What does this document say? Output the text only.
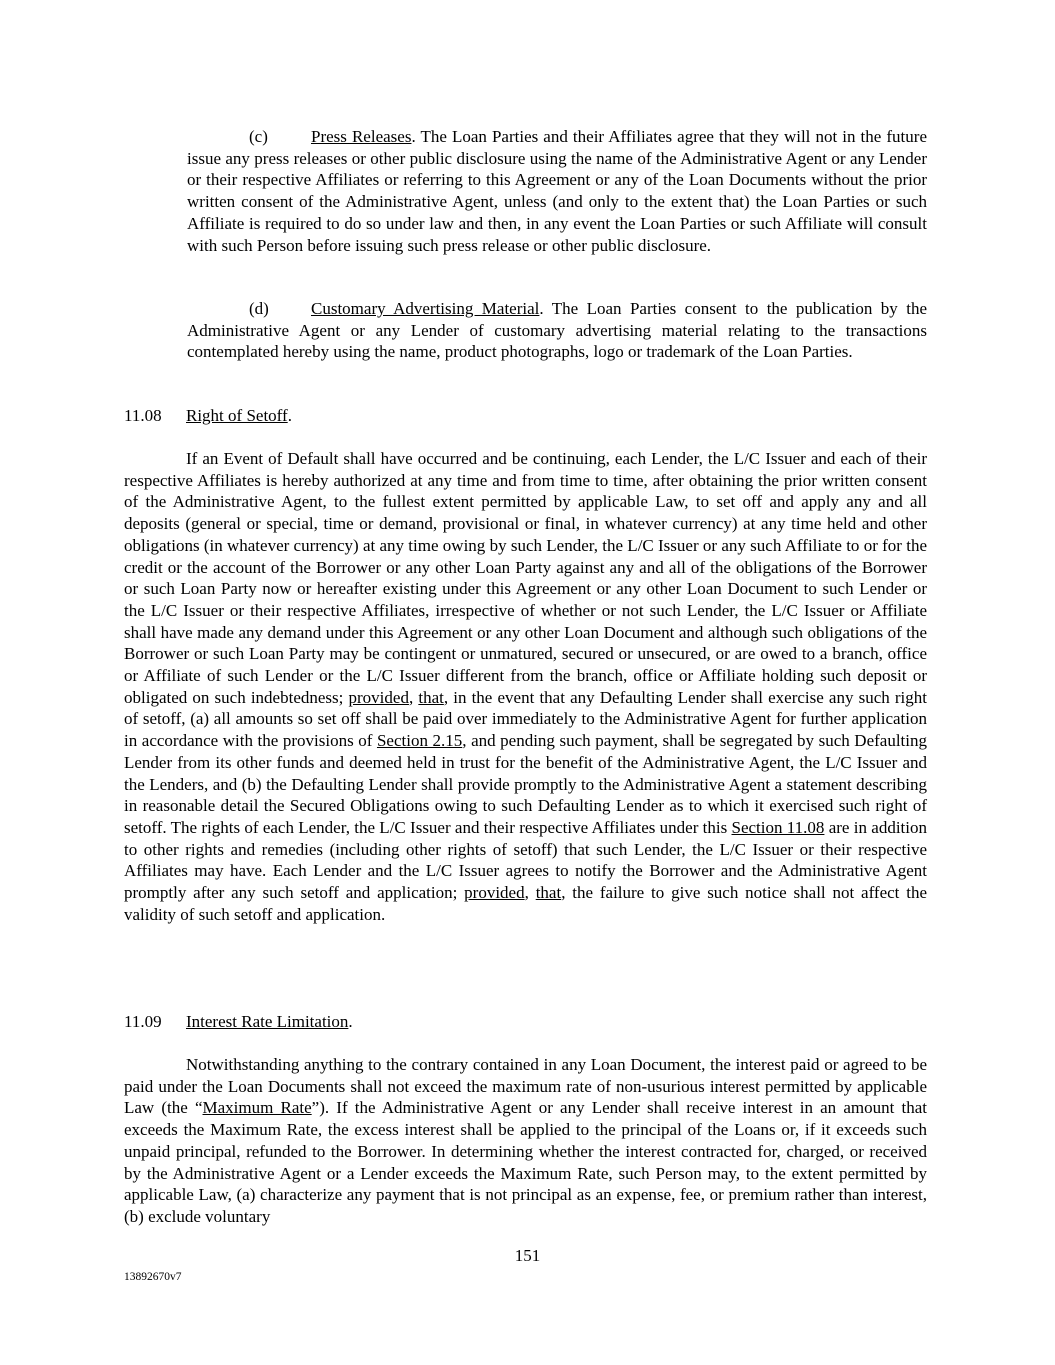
(c)	Press Releases. The Loan Parties and their Affiliates agree that they will not in the future issue any press releases or other public disclosure using the name of the Administrative Agent or any Lender or their respective Affiliates or referring to this Agreement or any of the Loan Documents without the prior written consent of the Administrative Agent, unless (and only to the extent that) the Loan Parties or such Affiliate is required to do so under law and then, in any event the Loan Parties or such Affiliate will consult with such Person before issuing such press release or other public disclosure.

(d) Customary Advertising Material. The Loan Parties consent to the publication by the Administrative Agent or any Lender of customary advertising material relating to the transactions contemplated hereby using the name, product photographs, logo or trademark of the Loan Parties.

11.08 Right of Setoff.

If an Event of Default shall have occurred and be continuing, each Lender, the L/C Issuer and each of their respective Affiliates is hereby authorized at any time and from time to time, after obtaining the prior written consent of the Administrative Agent, to the fullest extent permitted by applicable Law, to set off and apply any and all deposits (general or special, time or demand, provisional or final, in whatever currency) at any time held and other obligations (in whatever currency) at any time owing by such Lender, the L/C Issuer or any such Affiliate to or for the credit or the account of the Borrower or any other Loan Party against any and all of the obligations of the Borrower or such Loan Party now or hereafter existing under this Agreement or any other Loan Document to such Lender or the L/C Issuer or their respective Affiliates, irrespective of whether or not such Lender, the L/C Issuer or Affiliate shall have made any demand under this Agreement or any other Loan Document and although such obligations of the Borrower or such Loan Party may be contingent or unmatured, secured or unsecured, or are owed to a branch, office or Affiliate of such Lender or the L/C Issuer different from the branch, office or Affiliate holding such deposit or obligated on such indebtedness; provided, that, in the event that any Defaulting Lender shall exercise any such right of setoff, (a) all amounts so set off shall be paid over immediately to the Administrative Agent for further application in accordance with the provisions of Section 2.15, and pending such payment, shall be segregated by such Defaulting Lender from its other funds and deemed held in trust for the benefit of the Administrative Agent, the L/C Issuer and the Lenders, and (b) the Defaulting Lender shall provide promptly to the Administrative Agent a statement describing in reasonable detail the Secured Obligations owing to such Defaulting Lender as to which it exercised such right of setoff. The rights of each Lender, the L/C Issuer and their respective Affiliates under this Section 11.08 are in addition to other rights and remedies (including other rights of setoff) that such Lender, the L/C Issuer or their respective Affiliates may have. Each Lender and the L/C Issuer agrees to notify the Borrower and the Administrative Agent promptly after any such setoff and application; provided, that, the failure to give such notice shall not affect the validity of such setoff and application.

11.09 Interest Rate Limitation.

Notwithstanding anything to the contrary contained in any Loan Document, the interest paid or agreed to be paid under the Loan Documents shall not exceed the maximum rate of non-usurious interest permitted by applicable Law (the “Maximum Rate”). If the Administrative Agent or any Lender shall receive interest in an amount that exceeds the Maximum Rate, the excess interest shall be applied to the principal of the Loans or, if it exceeds such unpaid principal, refunded to the Borrower. In determining whether the interest contracted for, charged, or received by the Administrative Agent or a Lender exceeds the Maximum Rate, such Person may, to the extent permitted by applicable Law, (a) characterize any payment that is not principal as an expense, fee, or premium rather than interest, (b) exclude voluntary

151
13892670v7
